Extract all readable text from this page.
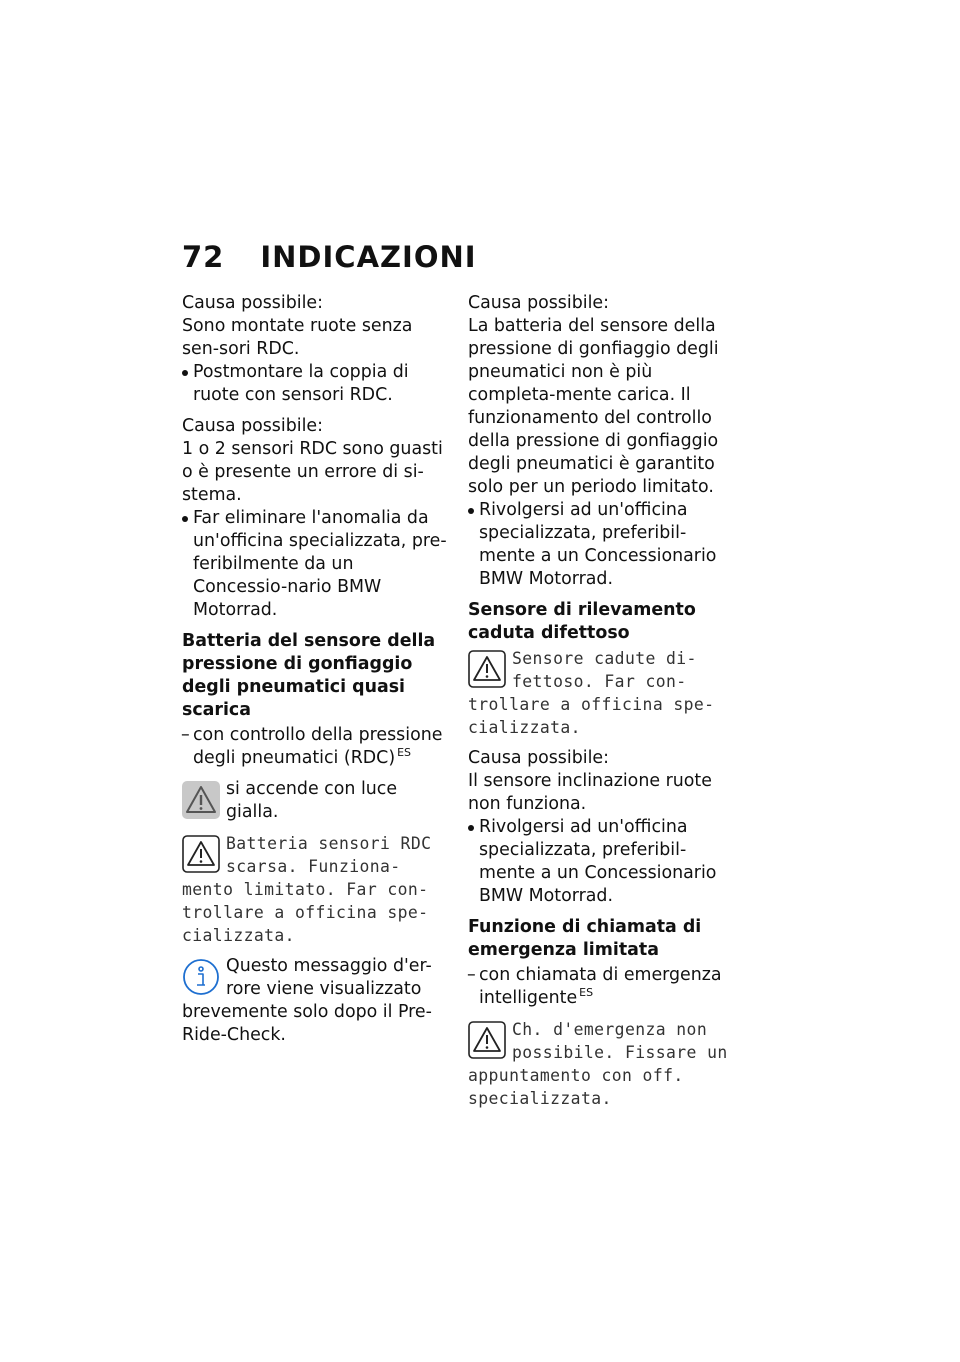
72 INDICAZIONI

Causa possibile:

Sono montate ruote senza sen-sori RDC.

Postmontare la coppia di ruote con sensori RDC.

Causa possibile:

1 o 2 sensori RDC sono guasti o è presente un errore di si-stema.

Far eliminare l'anomalia da un'officina specializzata, pre-feribilmente da un Concessio-nario BMW Motorrad.

Batteria del sensore della pressione di gonfiaggio degli pneumatici quasi scarica

– con controllo della pressione degli pneumatici (RDC) $^{ES}$

si accende con luce gialla.

Batteria sensori RDC scarsa. Funziona-mento limitato. Far con-trollare a officina spe-cializzata.

Questo messaggio d'er-rore viene visualizzato brevemente solo dopo il Pre-Ride-Check.

Causa possibile:

La batteria del sensore della pressione di gonfiaggio degli pneumatici non è più completa-mente carica. Il funzionamento del controllo della pressione di gonfiaggio degli pneumatici è garantito solo per un periodo limitato.

Rivolgersi ad un'officina specializzata, preferibil-mente a un Concessionario BMW Motorrad.

Sensore di rilevamento caduta difettoso

Sensore cadute di-fettoso. Far con-trollare a officina spe-cializzata.

Causa possibile:

Il sensore inclinazione ruote non funziona.

Rivolgersi ad un'officina specializzata, preferibil-mente a un Concessionario BMW Motorrad.

Funzione di chiamata di emergenza limitata

– con chiamata di emergenza intelligente $^{ES}$

Ch. d'emergenza non possibile. Fissare un appuntamento con off. specializzata.
